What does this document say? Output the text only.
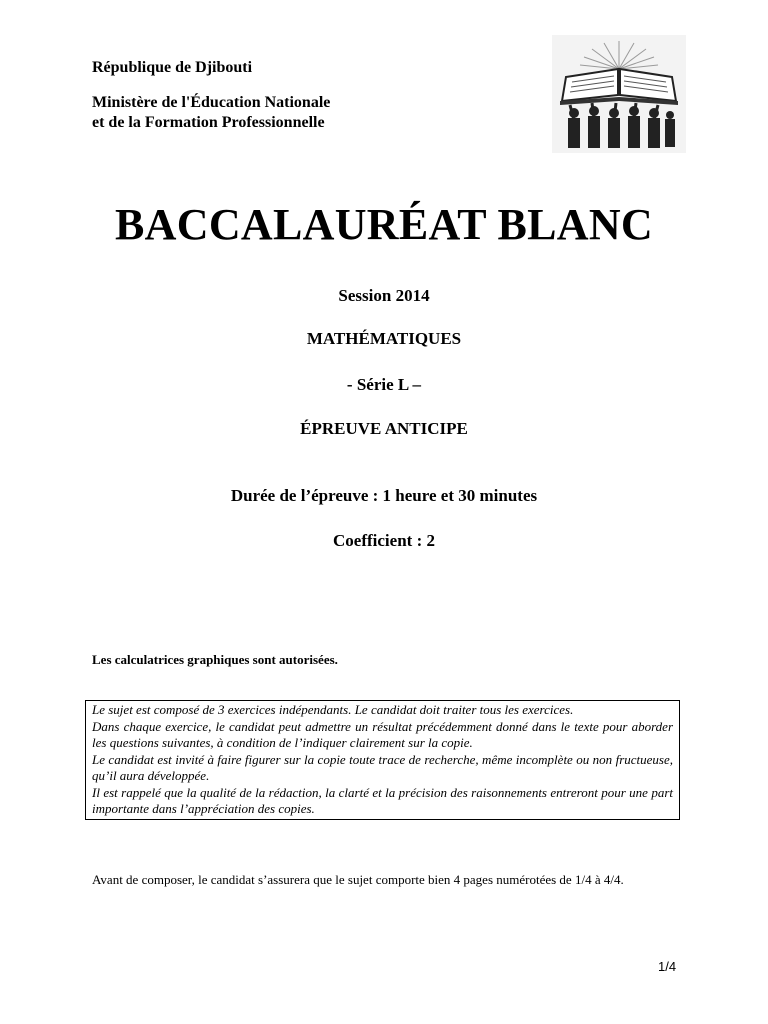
République de Djibouti
Ministère de l'Éducation Nationale
et de la Formation Professionnelle
BACCALAURÉAT BLANC
Session 2014
MATHÉMATIQUES
- Série L –
ÉPREUVE ANTICIPE
Durée de l’épreuve : 1 heure et 30 minutes
Coefficient : 2
Les calculatrices graphiques sont autorisées.

Le sujet est composé de 3 exercices indépendants. Le candidat doit traiter tous les exercices.

Dans chaque exercice, le candidat peut admettre un résultat précédemment donné dans le texte pour aborder les questions suivantes, à condition de l’indiquer clairement sur la copie.

Le candidat est invité à faire figurer sur la copie toute trace de recherche, même incomplète ou non fructueuse, qu’il aura développée.

Il est rappelé que la qualité de la rédaction, la clarté et la précision des raisonnements entreront pour une part importante dans l’appréciation des copies.

Avant de composer, le candidat s’assurera que le sujet comporte bien 4 pages numérotées de 1/4 à 4/4.
1/4
